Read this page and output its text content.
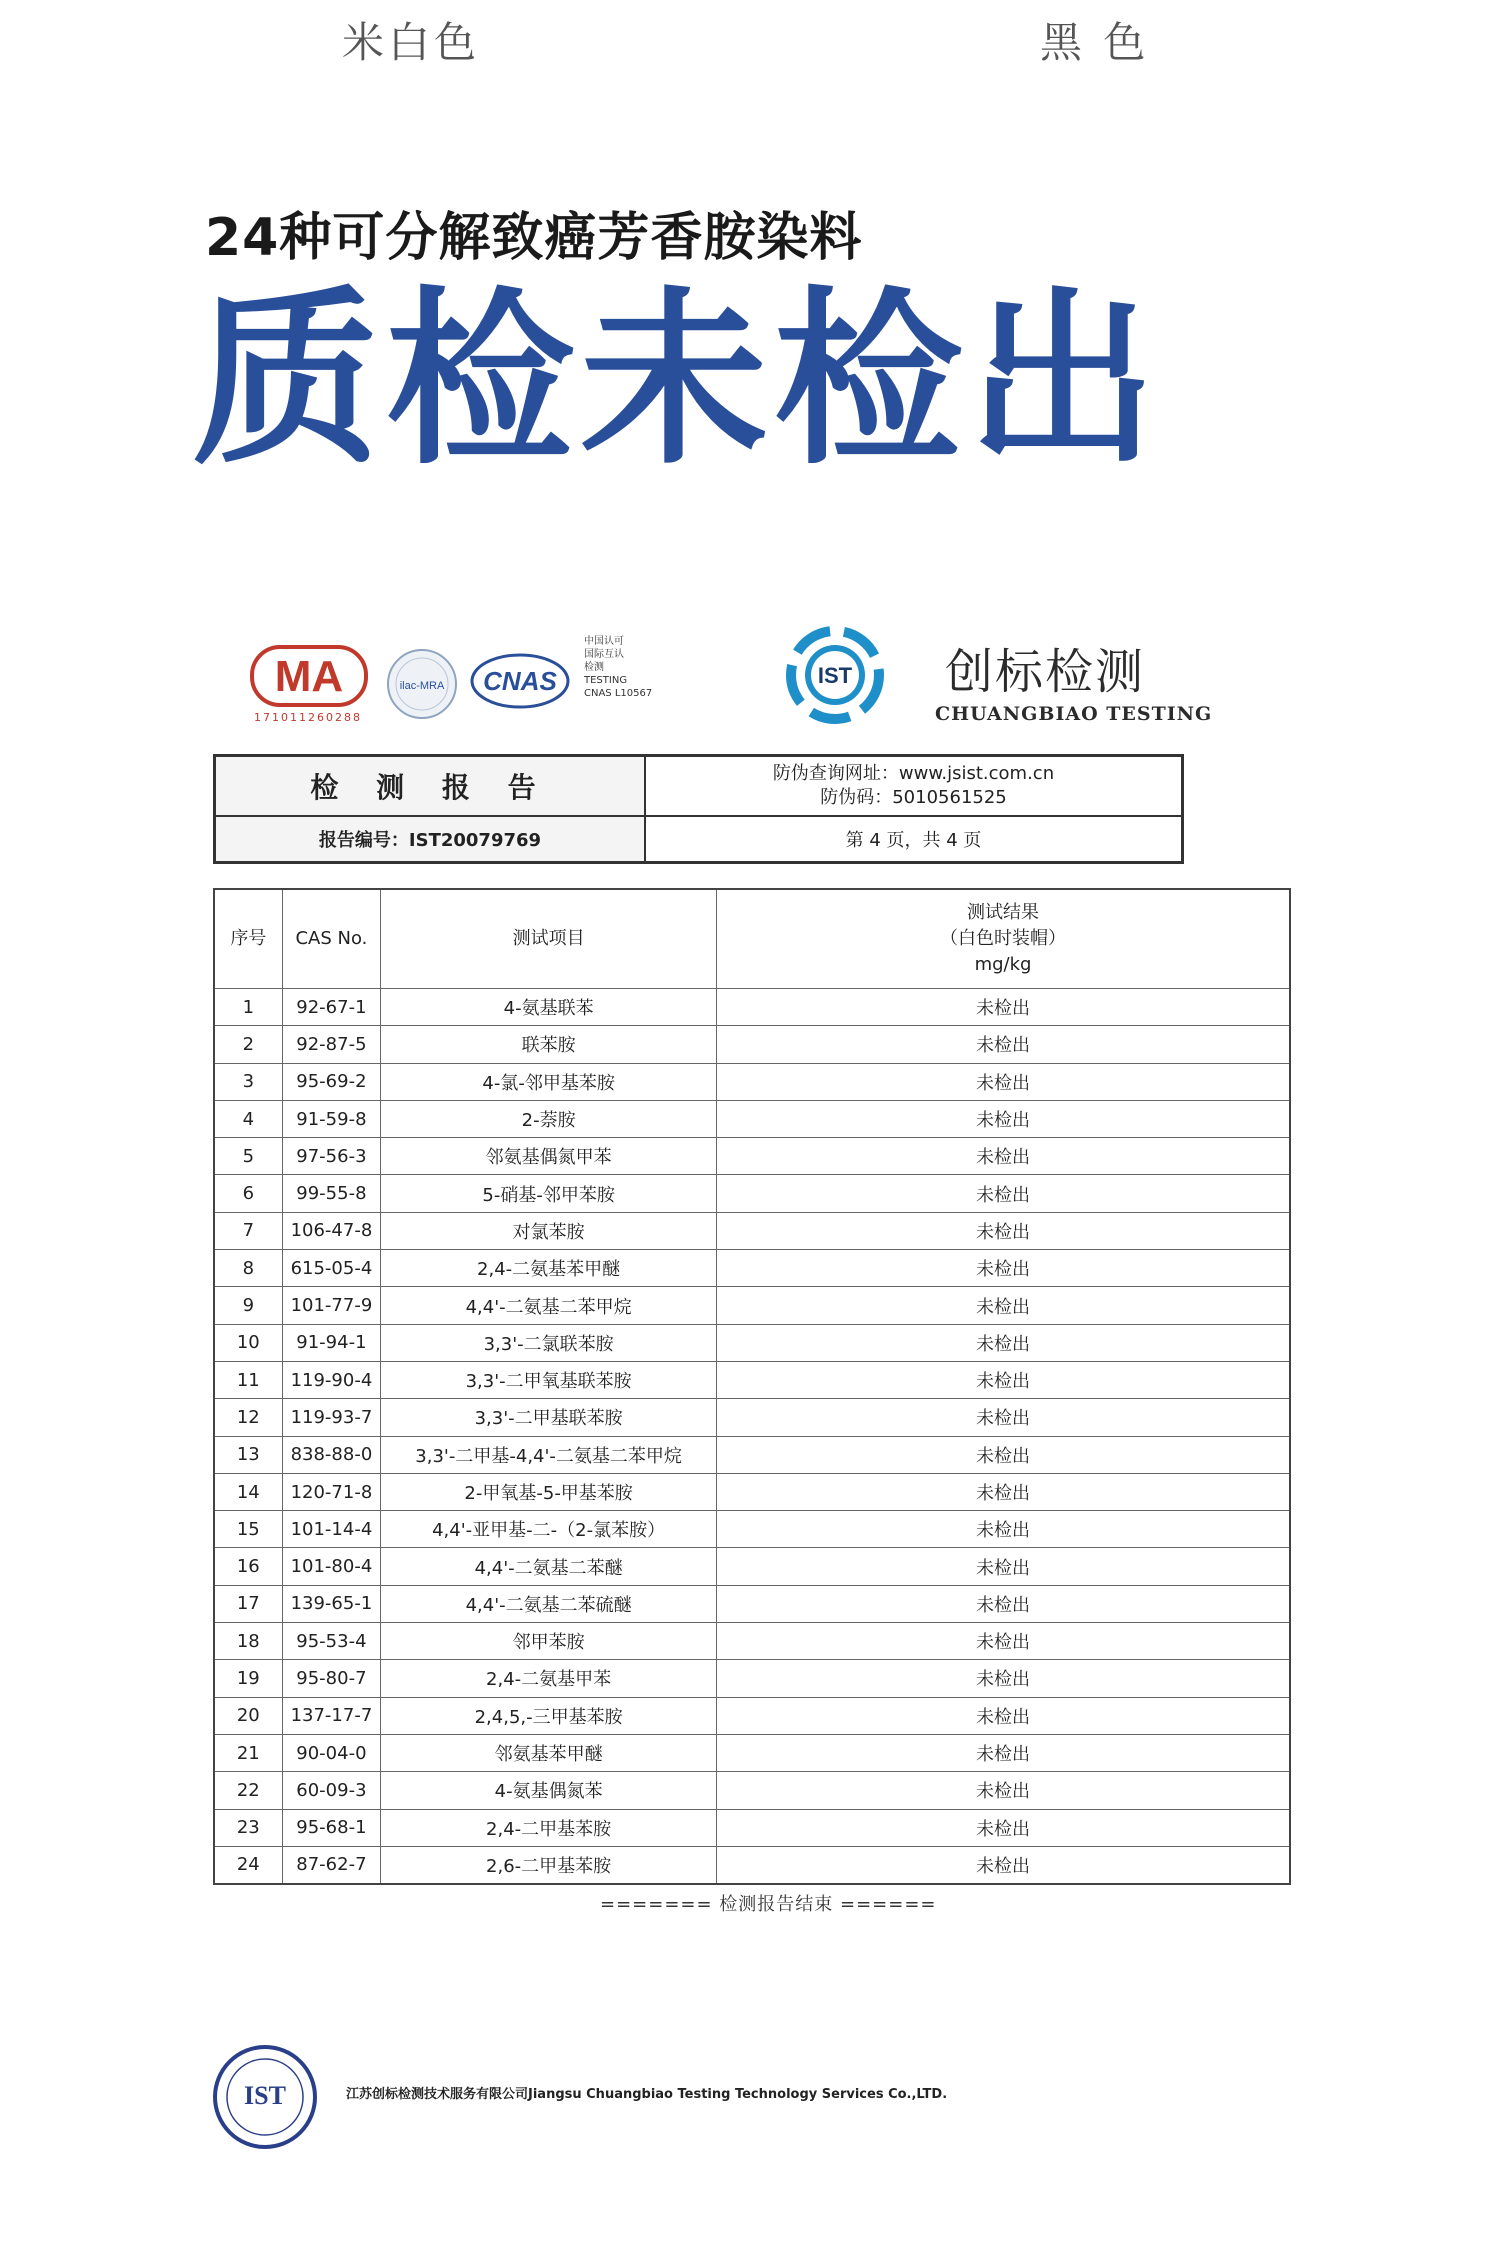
米白色	黑 色
24种可分解致癌芳香胺染料
质检未检出
MA
171011260288
ilac-MRA CNAS
中国认可
国际互认
检测
TESTING
CNAS L10567
IST 创标检测
CHUANGBIAO TESTING
检 测 报 告	防伪查询网址：www.jsist.com.cn
防伪码：5010561525
报告编号：IST20079769	第 4 页，共 4 页
序号	CAS No.	测试项目	测试结果
（白色时装帽）
mg/kg

1	92-67-1	4-氨基联苯	未检出
2	92-87-5	联苯胺	未检出
3	95-69-2	4-氯-邻甲基苯胺	未检出
4	91-59-8	2-萘胺	未检出
5	97-56-3	邻氨基偶氮甲苯	未检出
6	99-55-8	5-硝基-邻甲苯胺	未检出
7	106-47-8	对氯苯胺	未检出
8	615-05-4	2,4-二氨基苯甲醚	未检出
9	101-77-9	4,4'-二氨基二苯甲烷	未检出
10	91-94-1	3,3'-二氯联苯胺	未检出
11	119-90-4	3,3'-二甲氧基联苯胺	未检出
12	119-93-7	3,3'-二甲基联苯胺	未检出
13	838-88-0	3,3'-二甲基-4,4'-二氨基二苯甲烷	未检出
14	120-71-8	2-甲氧基-5-甲基苯胺	未检出
15	101-14-4	4,4'-亚甲基-二-（2-氯苯胺）	未检出
16	101-80-4	4,4'-二氨基二苯醚	未检出
17	139-65-1	4,4'-二氨基二苯硫醚	未检出
18	95-53-4	邻甲苯胺	未检出
19	95-80-7	2,4-二氨基甲苯	未检出
20	137-17-7	2,4,5,-三甲基苯胺	未检出
21	90-04-0	邻氨基苯甲醚	未检出
22	60-09-3	4-氨基偶氮苯	未检出
23	95-68-1	2,4-二甲基苯胺	未检出
24	87-62-7	2,6-二甲基苯胺	未检出
======= 检测报告结束 ======
IST	江苏创标检测技术服务有限公司Jiangsu Chuangbiao Testing Technology Services Co.,LTD.
